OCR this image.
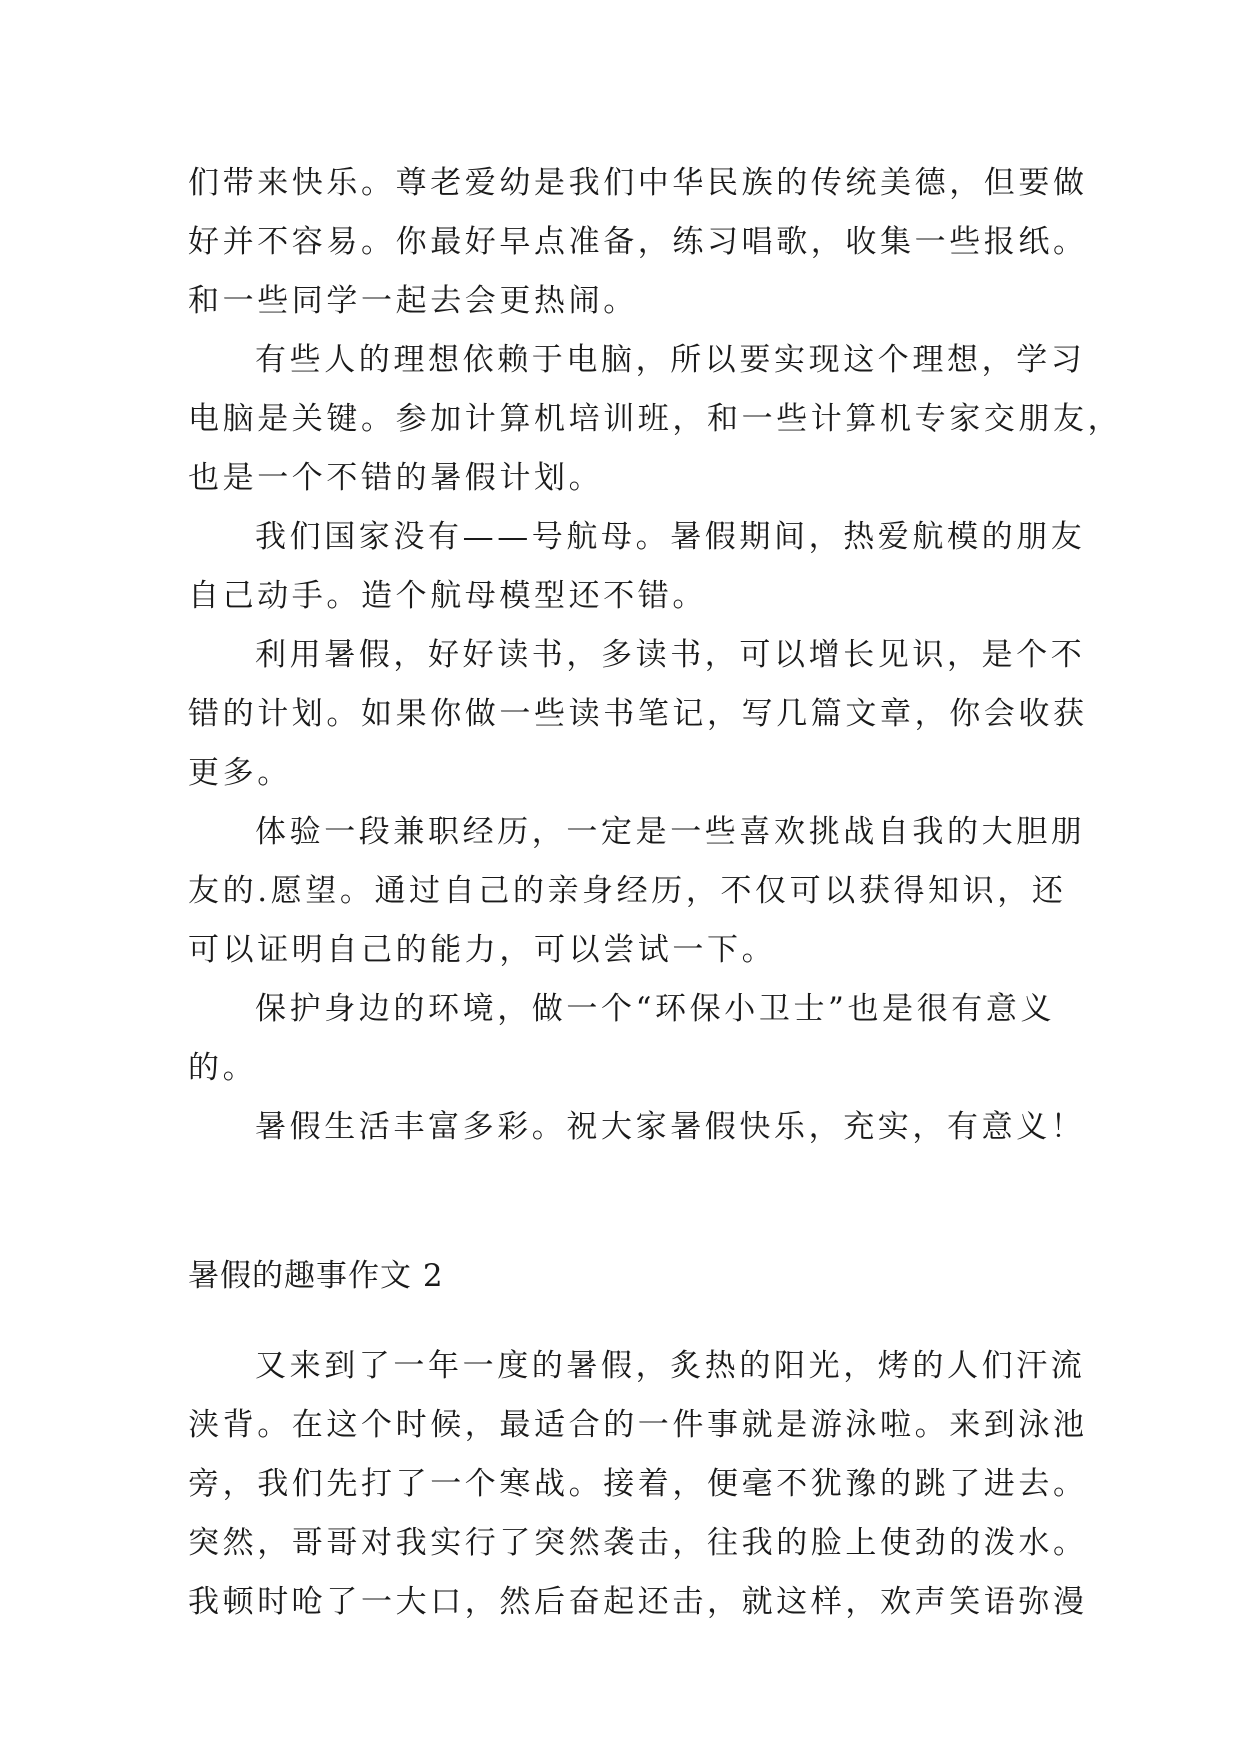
们带来快乐。尊老爱幼是我们中华民族的传统美德，但要做

好并不容易。你最好早点准备，练习唱歌，收集一些报纸。

和一些同学一起去会更热闹。

有些人的理想依赖于电脑，所以要实现这个理想，学习

电脑是关键。参加计算机培训班，和一些计算机专家交朋友，

也是一个不错的暑假计划。

我们国家没有——号航母。暑假期间，热爱航模的朋友

自己动手。造个航母模型还不错。

利用暑假，好好读书，多读书，可以增长见识，是个不

错的计划。如果你做一些读书笔记，写几篇文章，你会收获

更多。

体验一段兼职经历，一定是一些喜欢挑战自我的大胆朋

友的.愿望。通过自己的亲身经历，不仅可以获得知识，还

可以证明自己的能力，可以尝试一下。

保护身边的环境，做一个“环保小卫士”也是很有意义

的。

暑假生活丰富多彩。祝大家暑假快乐，充实，有意义！

暑假的趣事作文 2

又来到了一年一度的暑假，炙热的阳光，烤的人们汗流

浃背。在这个时候，最适合的一件事就是游泳啦。来到泳池

旁，我们先打了一个寒战。接着，便毫不犹豫的跳了进去。

突然，哥哥对我实行了突然袭击，往我的脸上使劲的泼水。

我顿时呛了一大口，然后奋起还击，就这样，欢声笑语弥漫
